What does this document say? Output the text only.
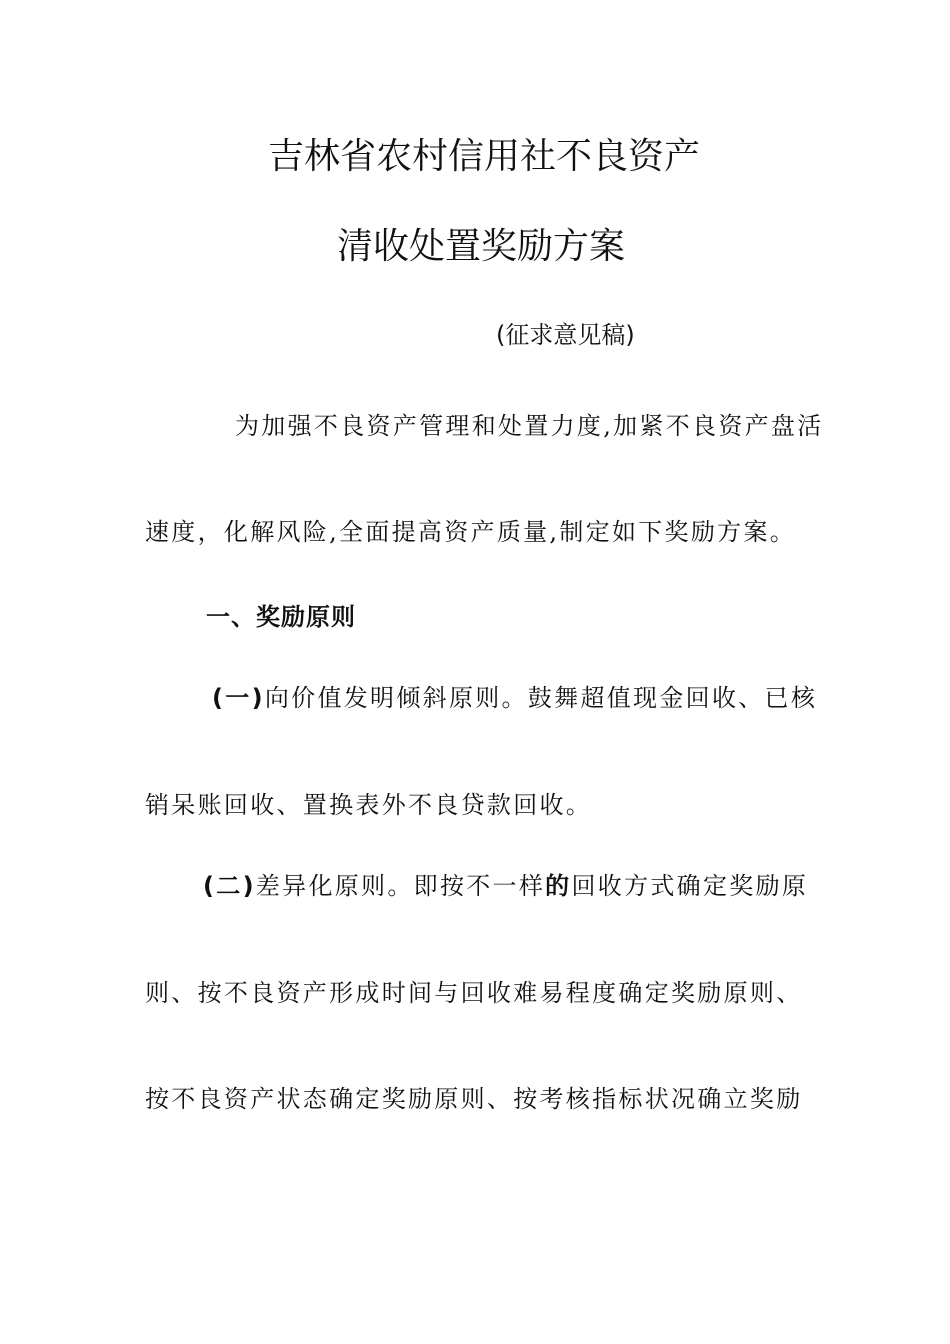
吉林省农村信用社不良资产
清收处置奖励方案

(征求意见稿)

为加强不良资产管理和处置力度,加紧不良资产盘活

速度，化解风险,全面提高资产质量,制定如下奖励方案。

一、奖励原则

(一)向价值发明倾斜原则。鼓舞超值现金回收、已核

销呆账回收、置换表外不良贷款回收。

(二)差异化原则。即按不一样的回收方式确定奖励原

则、按不良资产形成时间与回收难易程度确定奖励原则、

按不良资产状态确定奖励原则、按考核指标状况确立奖励
